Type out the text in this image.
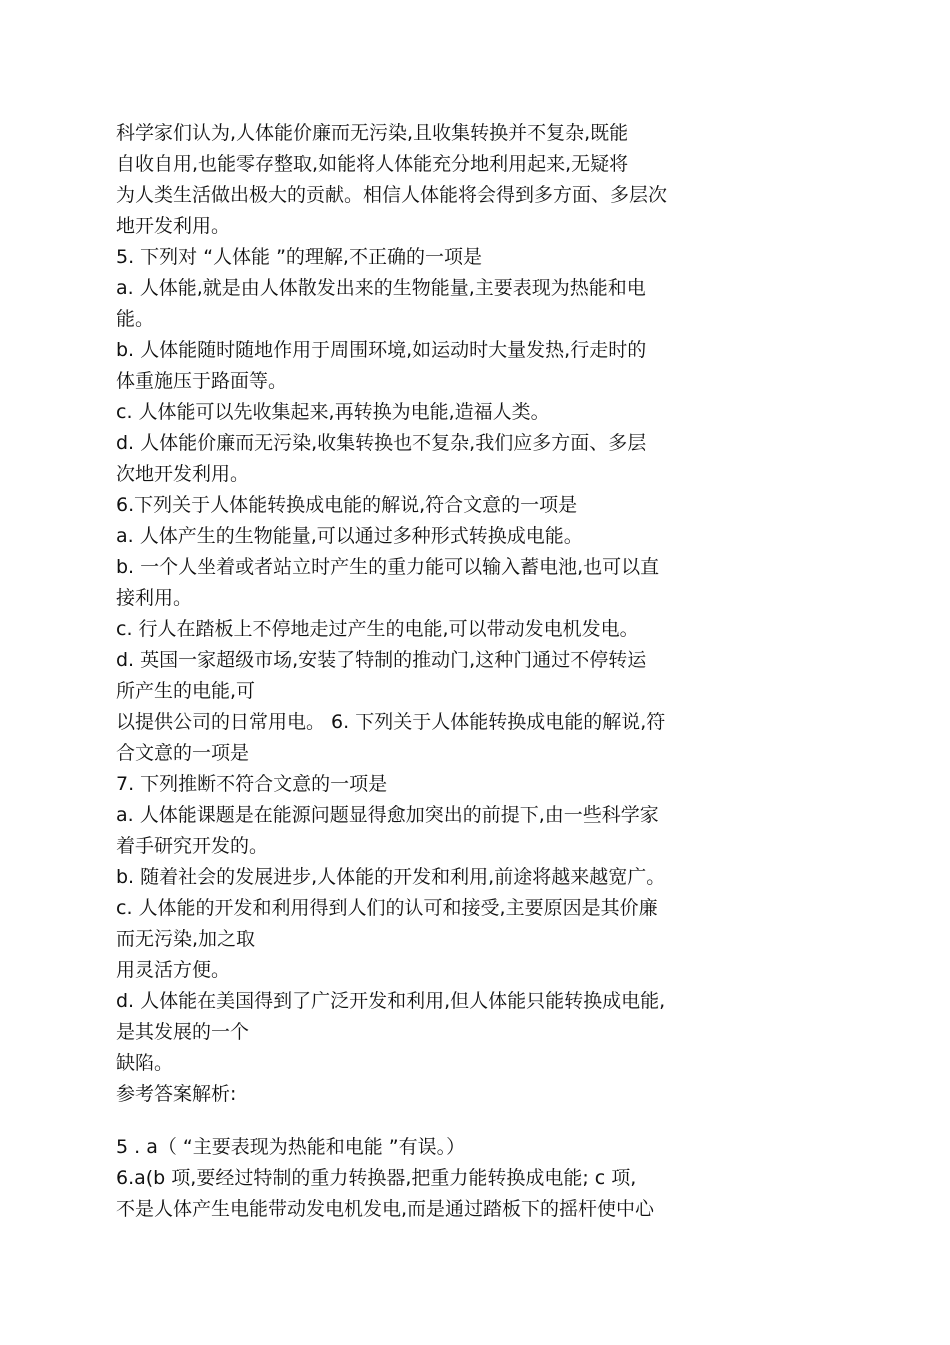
科学家们认为,人体能价廉而无污染,且收集转换并不复杂,既能
自收自用,也能零存整取,如能将人体能充分地利用起来,无疑将
为人类生活做出极大的贡献。相信人体能将会得到多方面、多层次
地开发利用。
5. 下列对 “人体能 ”的理解,不正确的一项是
a. 人体能,就是由人体散发出来的生物能量,主要表现为热能和电
能。
b. 人体能随时随地作用于周围环境,如运动时大量发热,行走时的
体重施压于路面等。
c. 人体能可以先收集起来,再转换为电能,造福人类。
d. 人体能价廉而无污染,收集转换也不复杂,我们应多方面、多层
次地开发利用。
6.下列关于人体能转换成电能的解说,符合文意的一项是
a. 人体产生的生物能量,可以通过多种形式转换成电能。
b. 一个人坐着或者站立时产生的重力能可以输入蓄电池,也可以直
接利用。
c. 行人在踏板上不停地走过产生的电能,可以带动发电机发电。
d. 英国一家超级市场,安装了特制的推动门,这种门通过不停转运
所产生的电能,可
以提供公司的日常用电。 6. 下列关于人体能转换成电能的解说,符
合文意的一项是
7. 下列推断不符合文意的一项是
a. 人体能课题是在能源问题显得愈加突出的前提下,由一些科学家
着手研究开发的。
b. 随着社会的发展进步,人体能的开发和利用,前途将越来越宽广。
c. 人体能的开发和利用得到人们的认可和接受,主要原因是其价廉
而无污染,加之取
用灵活方便。
d. 人体能在美国得到了广泛开发和利用,但人体能只能转换成电能,
是其发展的一个
缺陷。
参考答案解析:
5 . a（ “主要表现为热能和电能 ”有误。）
6.a(b 项,要经过特制的重力转换器,把重力能转换成电能; c 项,
不是人体产生电能带动发电机发电,而是通过踏板下的摇杆使中心
